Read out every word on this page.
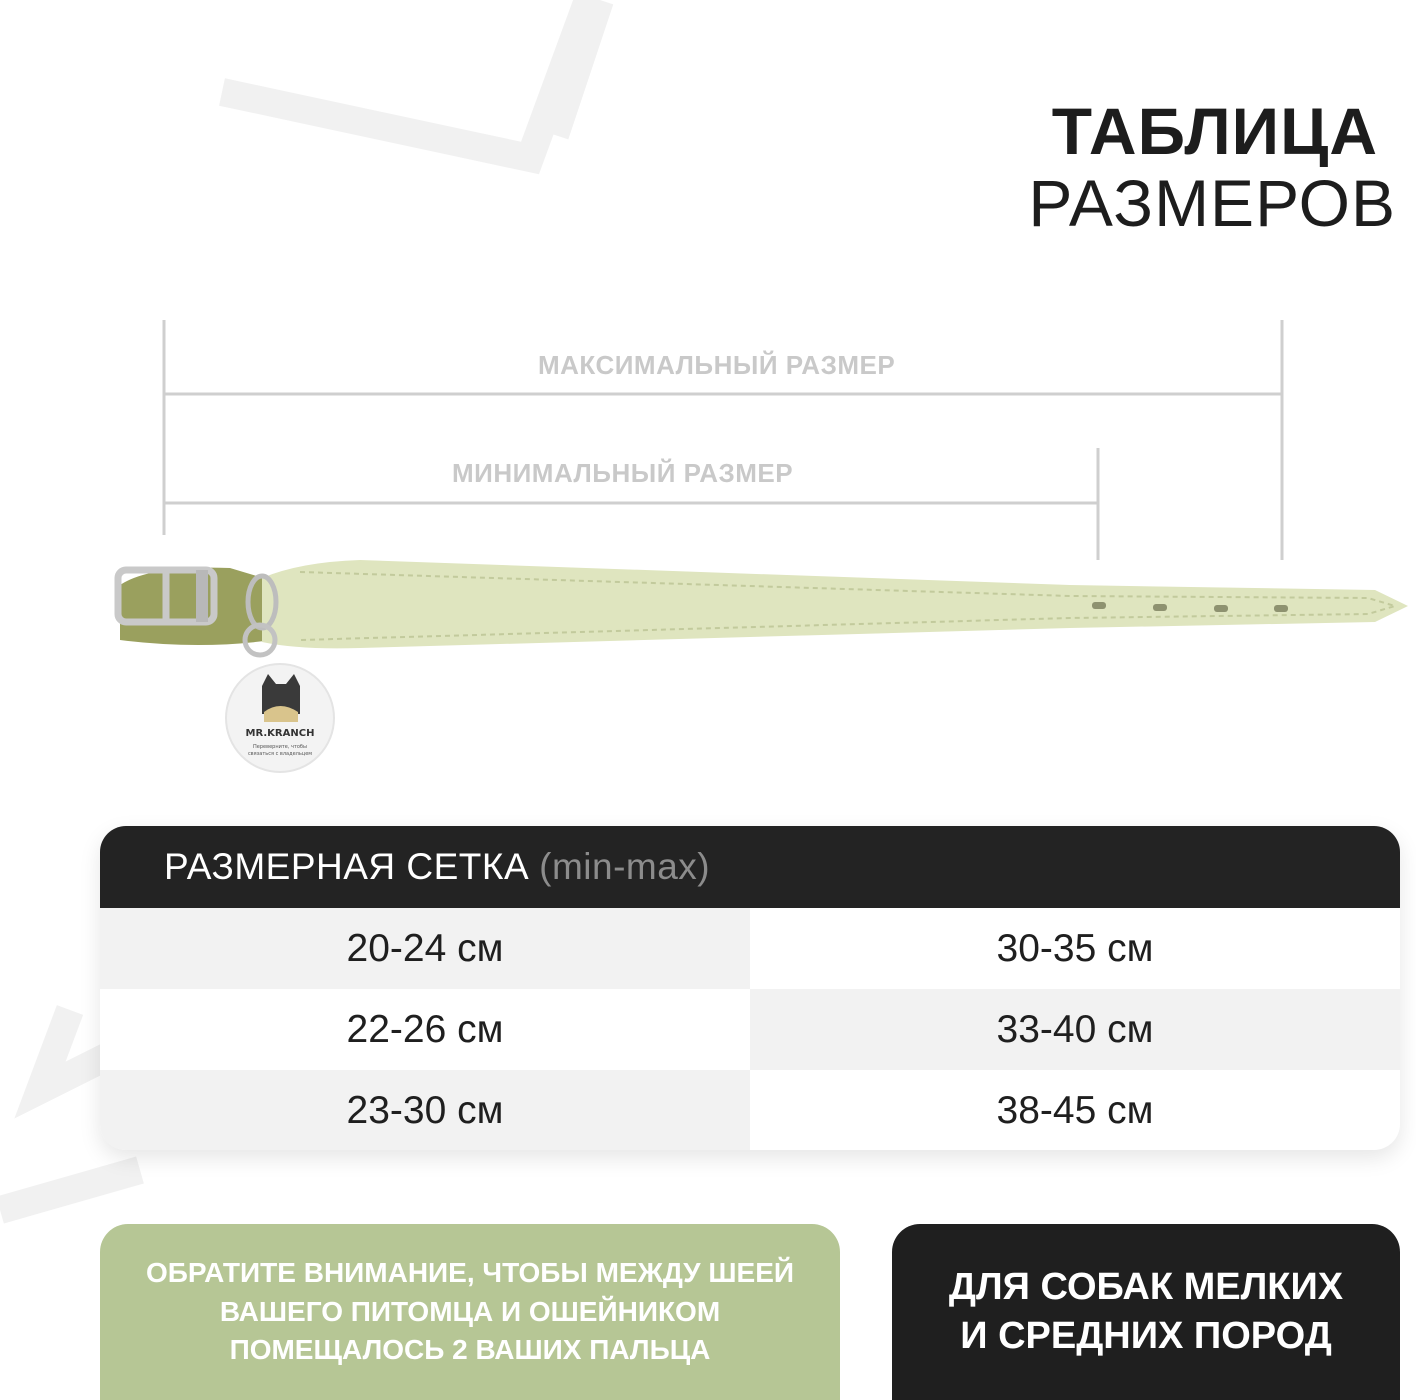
ТАБЛИЦА
РАЗМЕРОВ
МАКСИМАЛЬНЫЙ РАЗМЕР
МИНИМАЛЬНЫЙ РАЗМЕР
MR.KRANCH
Переверните, чтобы
связаться с владельцем
РАЗМЕРНАЯ СЕТКА (min-max)
20-24 см	30-35 см
22-26 см	33-40 см
23-30 см	38-45 см
ОБРАТИТЕ ВНИМАНИЕ, ЧТОБЫ МЕЖДУ ШЕЕЙ
ВАШЕГО ПИТОМЦА И ОШЕЙНИКОМ
ПОМЕЩАЛОСЬ 2 ВАШИХ ПАЛЬЦА
ДЛЯ СОБАК МЕЛКИХ
И СРЕДНИХ ПОРОД
